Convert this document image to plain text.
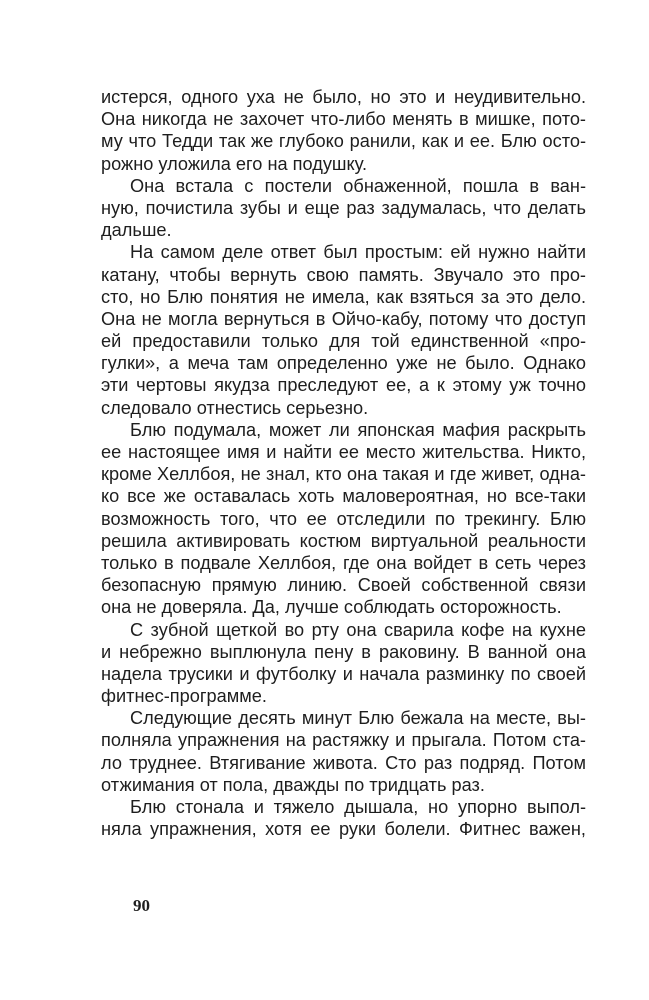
истерся, одного уха не было, но это и неудивительно.
Она никогда не захочет что-либо менять в мишке, пото-
му что Тедди так же глубоко ранили, как и ее. Блю осто-
рожно уложила его на подушку.
Она встала с постели обнаженной, пошла в ван-
ную, почистила зубы и еще раз задумалась, что делать
дальше.
На самом деле ответ был простым: ей нужно найти
катану, чтобы вернуть свою память. Звучало это про-
сто, но Блю понятия не имела, как взяться за это дело.
Она не могла вернуться в Ойчо-кабу, потому что доступ
ей предоставили только для той единственной «про-
гулки», а меча там определенно уже не было. Однако
эти чертовы якудза преследуют ее, а к этому уж точно
следовало отнестись серьезно.
Блю подумала, может ли японская мафия раскрыть
ее настоящее имя и найти ее место жительства. Никто,
кроме Хеллбоя, не знал, кто она такая и где живет, одна-
ко все же оставалась хоть маловероятная, но все-таки
возможность того, что ее отследили по трекингу. Блю
решила активировать костюм виртуальной реальности
только в подвале Хеллбоя, где она войдет в сеть через
безопасную прямую линию. Своей собственной связи
она не доверяла. Да, лучше соблюдать осторожность.
С зубной щеткой во рту она сварила кофе на кухне
и небрежно выплюнула пену в раковину. В ванной она
надела трусики и футболку и начала разминку по своей
фитнес-программе.
Следующие десять минут Блю бежала на месте, вы-
полняла упражнения на растяжку и прыгала. Потом ста-
ло труднее. Втягивание живота. Сто раз подряд. Потом
отжимания от пола, дважды по тридцать раз.
Блю стонала и тяжело дышала, но упорно выпол-
няла упражнения, хотя ее руки болели. Фитнес важен,
90
